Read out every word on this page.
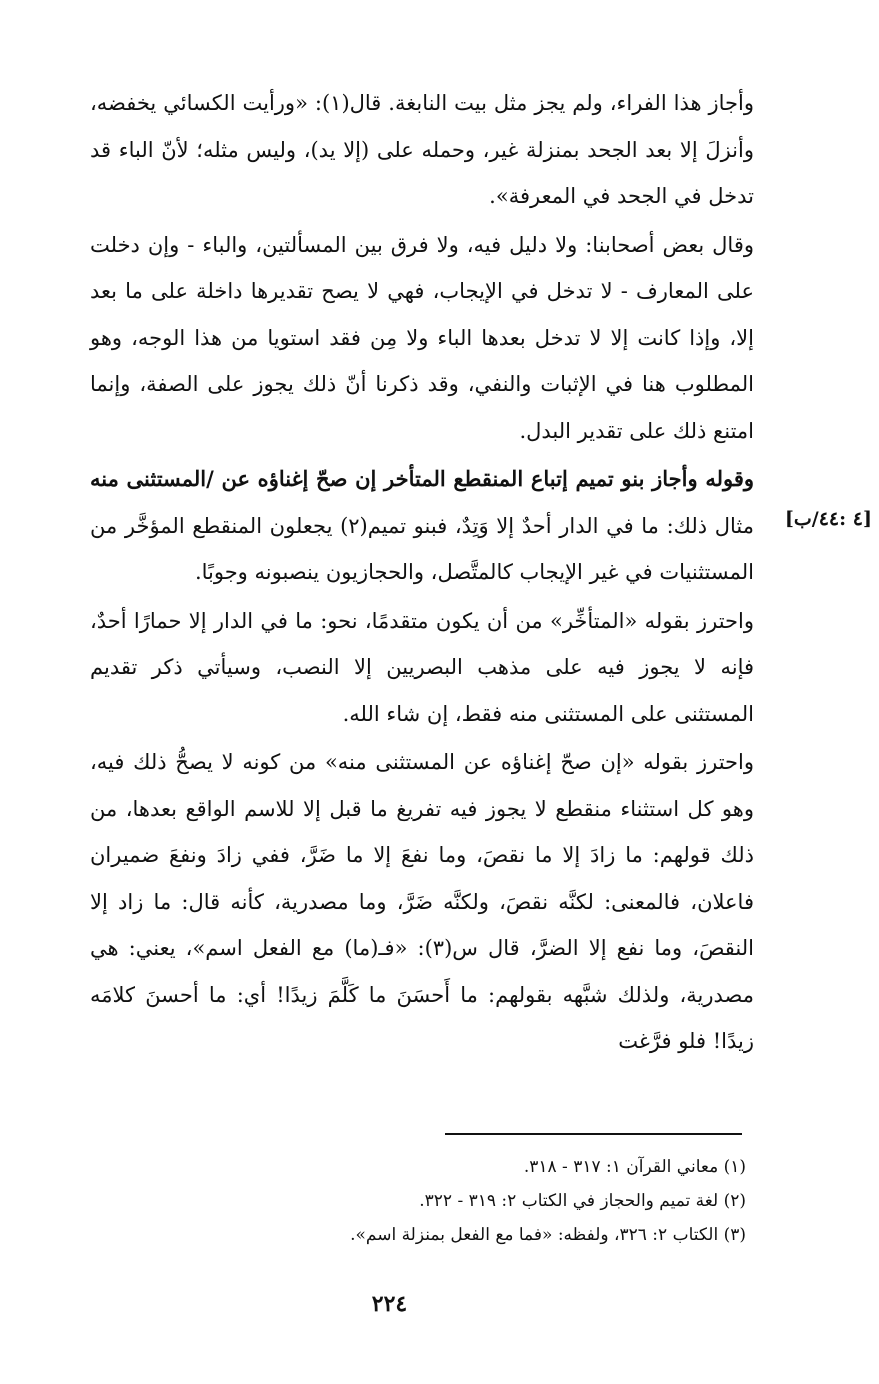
[٤ :٤٤/ب]

وأجاز هذا الفراء، ولم يجز مثل بيت النابغة. قال(١): «ورأيت الكسائي يخفضه، وأنزلَ إلا بعد الجحد بمنزلة غير، وحمله على (إلا يد)، وليس مثله؛ لأنّ الباء قد تدخل في الجحد في المعرفة».

وقال بعض أصحابنا: ولا دليل فيه، ولا فرق بين المسألتين، والباء - وإن دخلت على المعارف - لا تدخل في الإيجاب، فهي لا يصح تقديرها داخلة على ما بعد إلا، وإذا كانت إلا لا تدخل بعدها الباء ولا مِن فقد استويا من هذا الوجه، وهو المطلوب هنا في الإثبات والنفي، وقد ذكرنا أنّ ذلك يجوز على الصفة، وإنما امتنع ذلك على تقدير البدل.

وقوله وأجاز بنو تميم إتباع المنقطع المتأخر إن صحّ إغناؤه عن /المستثنى منه مثال ذلك: ما في الدار أحدٌ إلا وَتِدٌ، فبنو تميم(٢) يجعلون المنقطع المؤخَّر من المستثنيات في غير الإيجاب كالمتَّصل، والحجازيون ينصبونه وجوبًا.

واحترز بقوله «المتأخِّر» من أن يكون متقدمًا، نحو: ما في الدار إلا حمارًا أحدٌ، فإنه لا يجوز فيه على مذهب البصريين إلا النصب، وسيأتي ذكر تقديم المستثنى على المستثنى منه فقط، إن شاء الله.

واحترز بقوله «إن صحّ إغناؤه عن المستثنى منه» من كونه لا يصحُّ ذلك فيه، وهو كل استثناء منقطع لا يجوز فيه تفريغ ما قبل إلا للاسم الواقع بعدها، من ذلك قولهم: ما زادَ إلا ما نقصَ، وما نفعَ إلا ما ضَرَّ، ففي زادَ ونفعَ ضميران فاعلان، فالمعنى: لكنَّه نقصَ، ولكنَّه ضَرَّ، وما مصدرية، كأنه قال: ما زاد إلا النقصَ، وما نفع إلا الضرَّ، قال س(٣): «فـ(ما) مع الفعل اسم»، يعني: هي مصدرية، ولذلك شبَّهه بقولهم: ما أَحسَنَ ما كَلَّمَ زيدًا! أي: ما أحسنَ كلامَه زيدًا! فلو فرَّغت

(١) معاني القرآن ١: ٣١٧ - ٣١٨.
(٢) لغة تميم والحجاز في الكتاب ٢: ٣١٩ - ٣٢٢.
(٣) الكتاب ٢: ٣٢٦، ولفظه: «فما مع الفعل بمنزلة اسم».
٢٢٤
